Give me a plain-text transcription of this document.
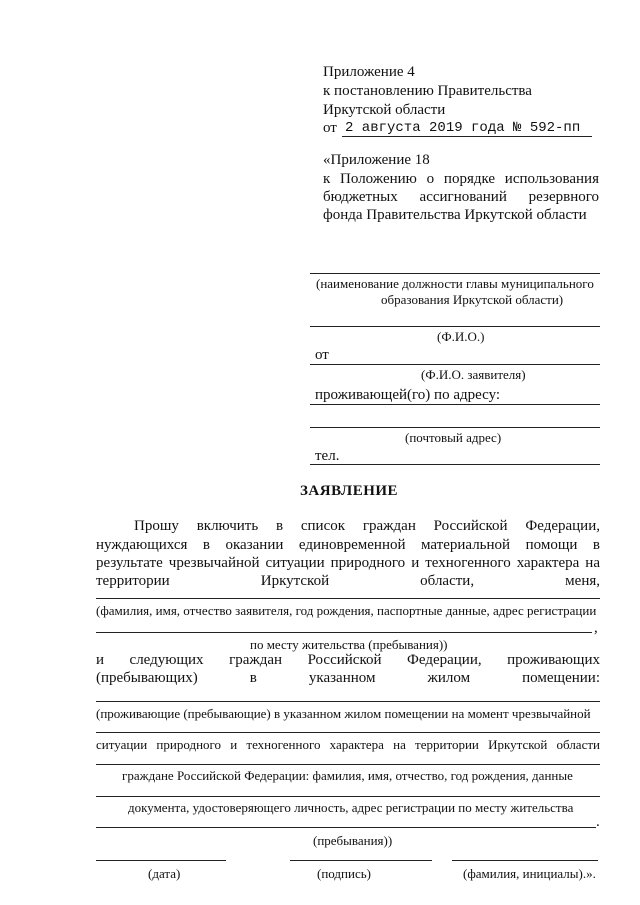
Приложение 4
к постановлению Правительства
Иркутской области
от 2 августа 2019 года № 592-пп
«Приложение 18
к Положению о порядке использования
бюджетных ассигнований резервного
фонда Правительства Иркутской области
(наименование должности главы муниципального
образования Иркутской области)
(Ф.И.О.)
от
(Ф.И.О. заявителя)
проживающей(го) по адресу:
(почтовый адрес)
тел.
ЗАЯВЛЕНИЕ
Прошу включить в список граждан Российской Федерации,
нуждающихся в оказании единовременной материальной помощи в
результате чрезвычайной ситуации природного и техногенного характера на
территории Иркутской области, меня,
(фамилия, имя, отчество заявителя, год рождения, паспортные данные, адрес регистрации
,
по месту жительства (пребывания))
и следующих граждан Российской Федерации, проживающих
(пребывающих) в указанном жилом помещении:
(проживающие (пребывающие) в указанном жилом помещении на момент чрезвычайной
ситуации природного и техногенного характера на территории Иркутской области
граждане Российской Федерации: фамилия, имя, отчество, год рождения, данные
документа, удостоверяющего личность, адрес регистрации по месту жительства
.
(пребывания))
(дата)	(подпись)	(фамилия, инициалы).».
